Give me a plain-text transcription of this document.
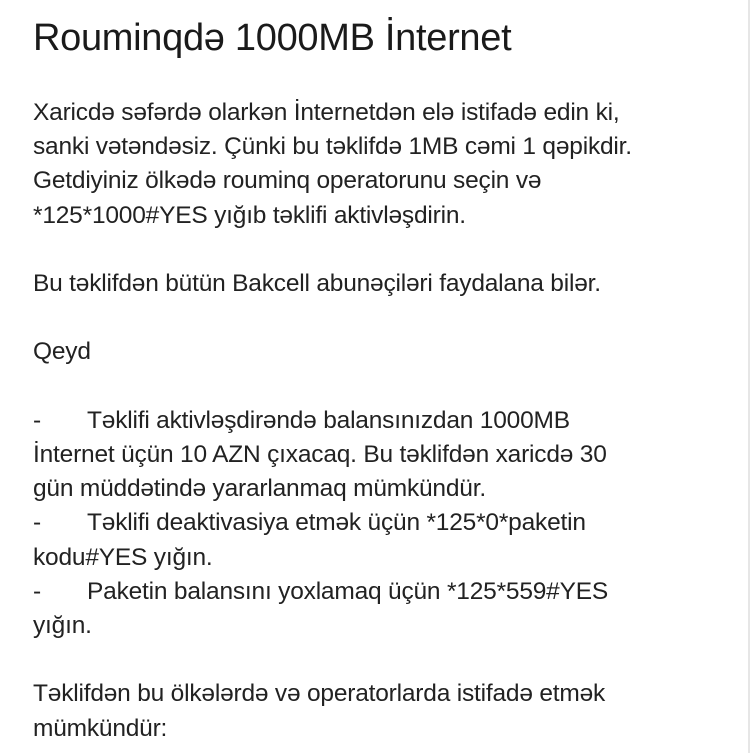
Rouminqdə 1000MB İnternet

Xaricdə səfərdə olarkən İnternetdən elə istifadə edin ki,
sanki vətəndəsiz. Çünki bu təklifdə 1MB cəmi 1 qəpikdir.
Getdiyiniz ölkədə rouminq operatorunu seçin və
*125*1000#YES yığıb təklifi aktivləşdirin.

Bu təklifdən bütün Bakcell abunəçiləri faydalana bilər.

Qeyd

- Təklifi aktivləşdirəndə balansınızdan 1000MB
İnternet üçün 10 AZN çıxacaq. Bu təklifdən xaricdə 30
gün müddətində yararlanmaq mümkündür.

- Təklifi deaktivasiya etmək üçün *125*0*paketin
kodu#YES yığın.

- Paketin balansını yoxlamaq üçün *125*559#YES
yığın.

Təklifdən bu ölkələrdə və operatorlarda istifadə etmək
mümkündür:
